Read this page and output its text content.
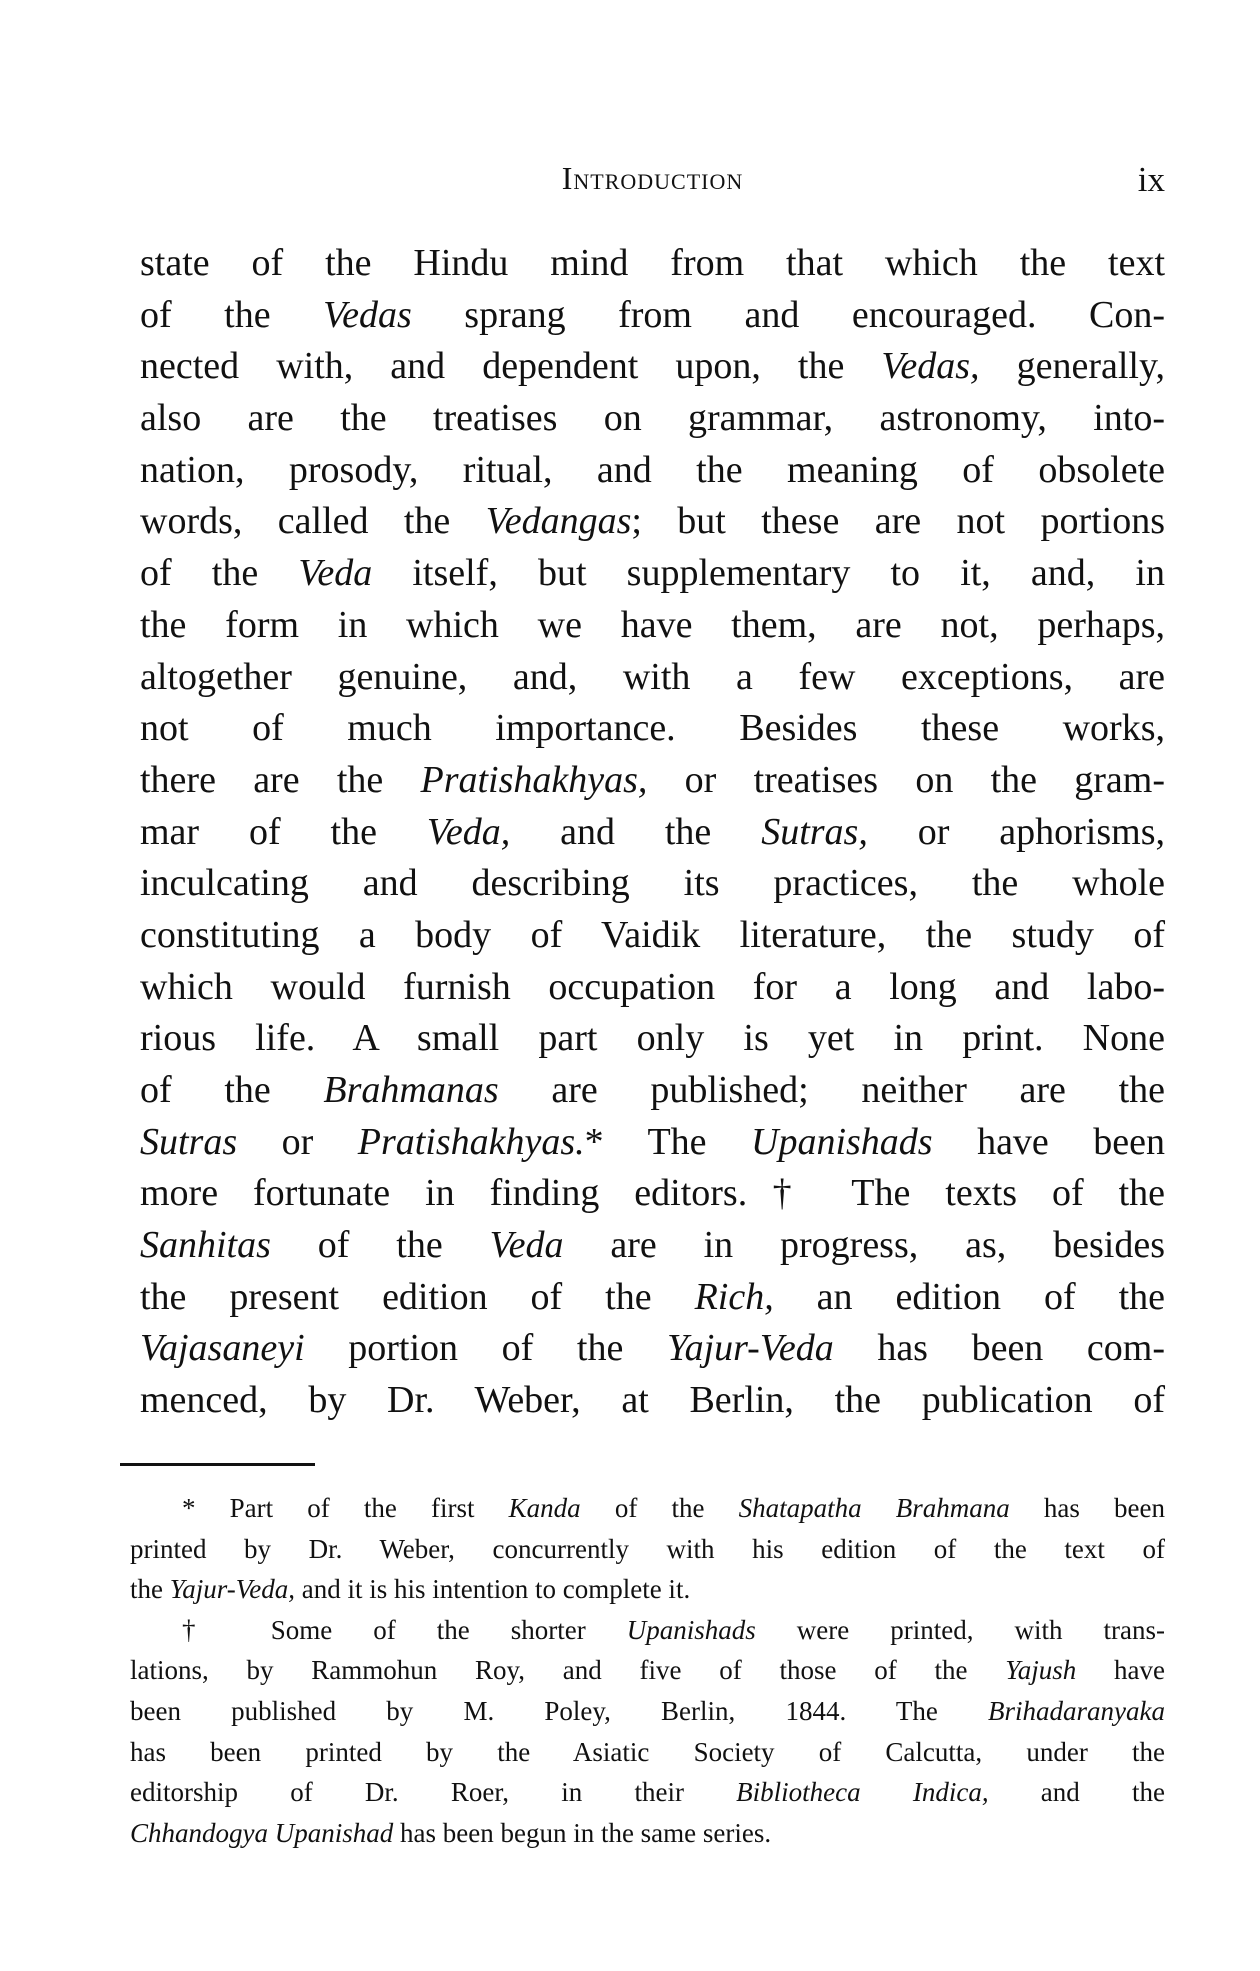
Introduction	ix
state of the Hindu mind from that which the text
of the Vedas sprang from and encouraged. Con-
nected with, and dependent upon, the Vedas, generally,
also are the treatises on grammar, astronomy, into-
nation, prosody, ritual, and the meaning of obsolete
words, called the Vedangas; but these are not portions
of the Veda itself, but supplementary to it, and, in
the form in which we have them, are not, perhaps,
altogether genuine, and, with a few exceptions, are
not of much importance. Besides these works,
there are the Pratishakhyas, or treatises on the gram-
mar of the Veda, and the Sutras, or aphorisms,
inculcating and describing its practices, the whole
constituting a body of Vaidik literature, the study of
which would furnish occupation for a long and labo-
rious life. A small part only is yet in print. None
of the Brahmanas are published; neither are the
Sutras or Pratishakhyas.* The Upanishads have been
more fortunate in finding editors.† The texts of the
Sanhitas of the Veda are in progress, as, besides
the present edition of the Rich, an edition of the
Vajasaneyi portion of the Yajur-Veda has been com-
menced, by Dr. Weber, at Berlin, the publication of
* Part of the first Kanda of the Shatapatha Brahmana has been
printed by Dr. Weber, concurrently with his edition of the text of
the Yajur-Veda, and it is his intention to complete it.
† Some of the shorter Upanishads were printed, with trans-
lations, by Rammohun Roy, and five of those of the Yajush have
been published by M. Poley, Berlin, 1844. The Brihadaranyaka
has been printed by the Asiatic Society of Calcutta, under the
editorship of Dr. Roer, in their Bibliotheca Indica, and the
Chhandogya Upanishad has been begun in the same series.
